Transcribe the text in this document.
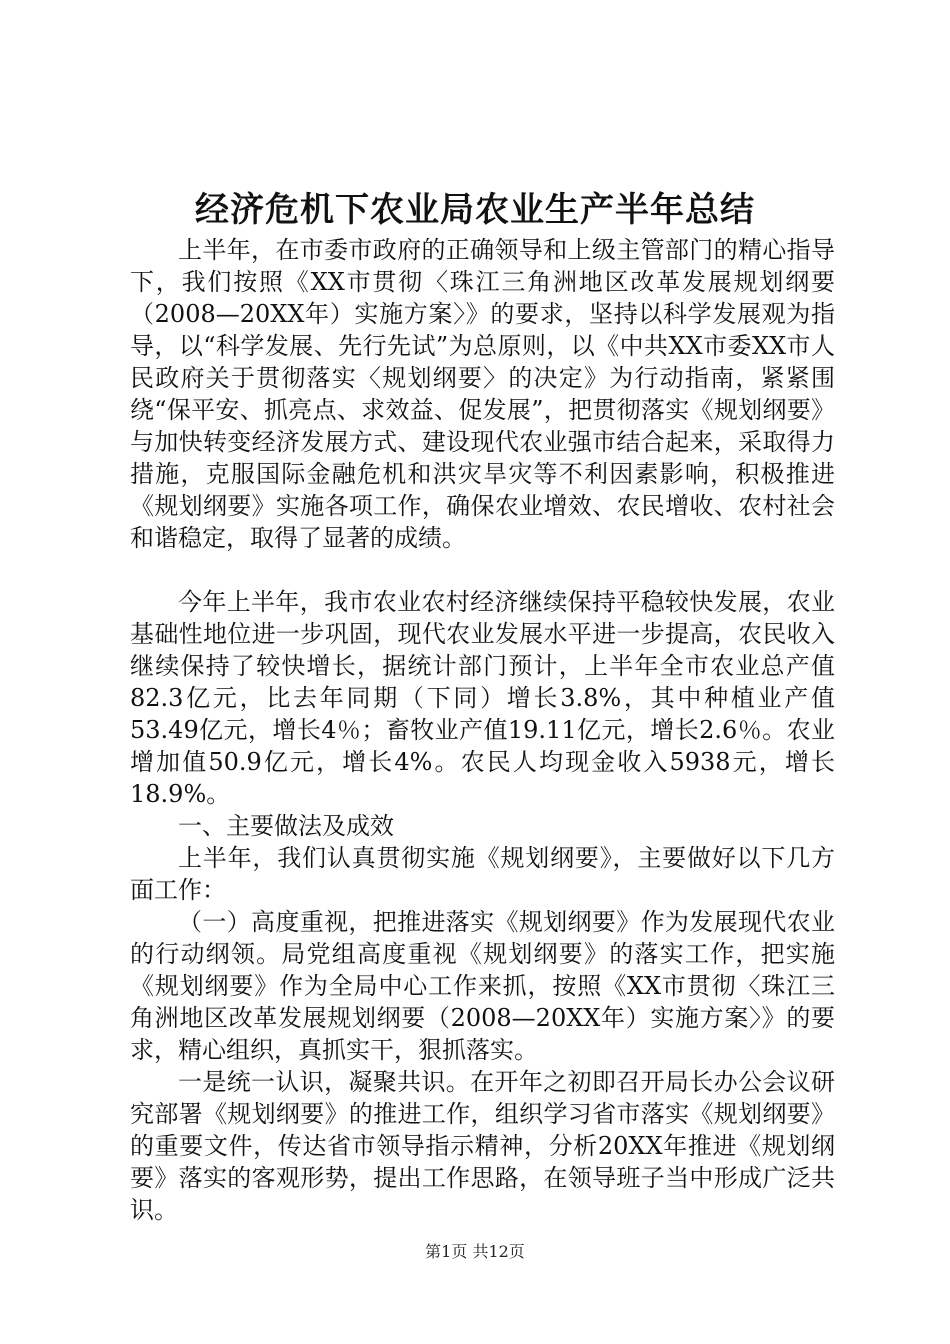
经济危机下农业局农业生产半年总结

上半年，在市委市政府的正确领导和上级主管部门的精心指导下，我们按照《XX市贯彻〈珠江三角洲地区改革发展规划纲要（2008—20XX年）实施方案〉》的要求，坚持以科学发展观为指导，以“科学发展、先行先试”为总原则，以《中共XX市委XX市人民政府关于贯彻落实〈规划纲要〉的决定》为行动指南，紧紧围绕“保平安、抓亮点、求效益、促发展”，把贯彻落实《规划纲要》与加快转变经济发展方式、建设现代农业强市结合起来，采取得力措施，克服国际金融危机和洪灾旱灾等不利因素影响，积极推进《规划纲要》实施各项工作，确保农业增效、农民增收、农村社会和谐稳定，取得了显著的成绩。

今年上半年，我市农业农村经济继续保持平稳较快发展，农业基础性地位进一步巩固，现代农业发展水平进一步提高，农民收入继续保持了较快增长，据统计部门预计，上半年全市农业总产值82.3亿元，比去年同期（下同）增长3.8%，其中种植业产值53.49亿元，增长4％；畜牧业产值19.11亿元，增长2.6％。农业增加值50.9亿元，增长4%。农民人均现金收入5938元，增长18.9%。

一、主要做法及成效

上半年，我们认真贯彻实施《规划纲要》，主要做好以下几方面工作：

（一）高度重视，把推进落实《规划纲要》作为发展现代农业的行动纲领。局党组高度重视《规划纲要》的落实工作，把实施《规划纲要》作为全局中心工作来抓，按照《XX市贯彻〈珠江三角洲地区改革发展规划纲要（2008—20XX年）实施方案〉》的要求，精心组织，真抓实干，狠抓落实。

一是统一认识，凝聚共识。在开年之初即召开局长办公会议研究部署《规划纲要》的推进工作，组织学习省市落实《规划纲要》的重要文件，传达省市领导指示精神，分析20XX年推进《规划纲要》落实的客观形势，提出工作思路，在领导班子当中形成广泛共识。

第1页 共12页
